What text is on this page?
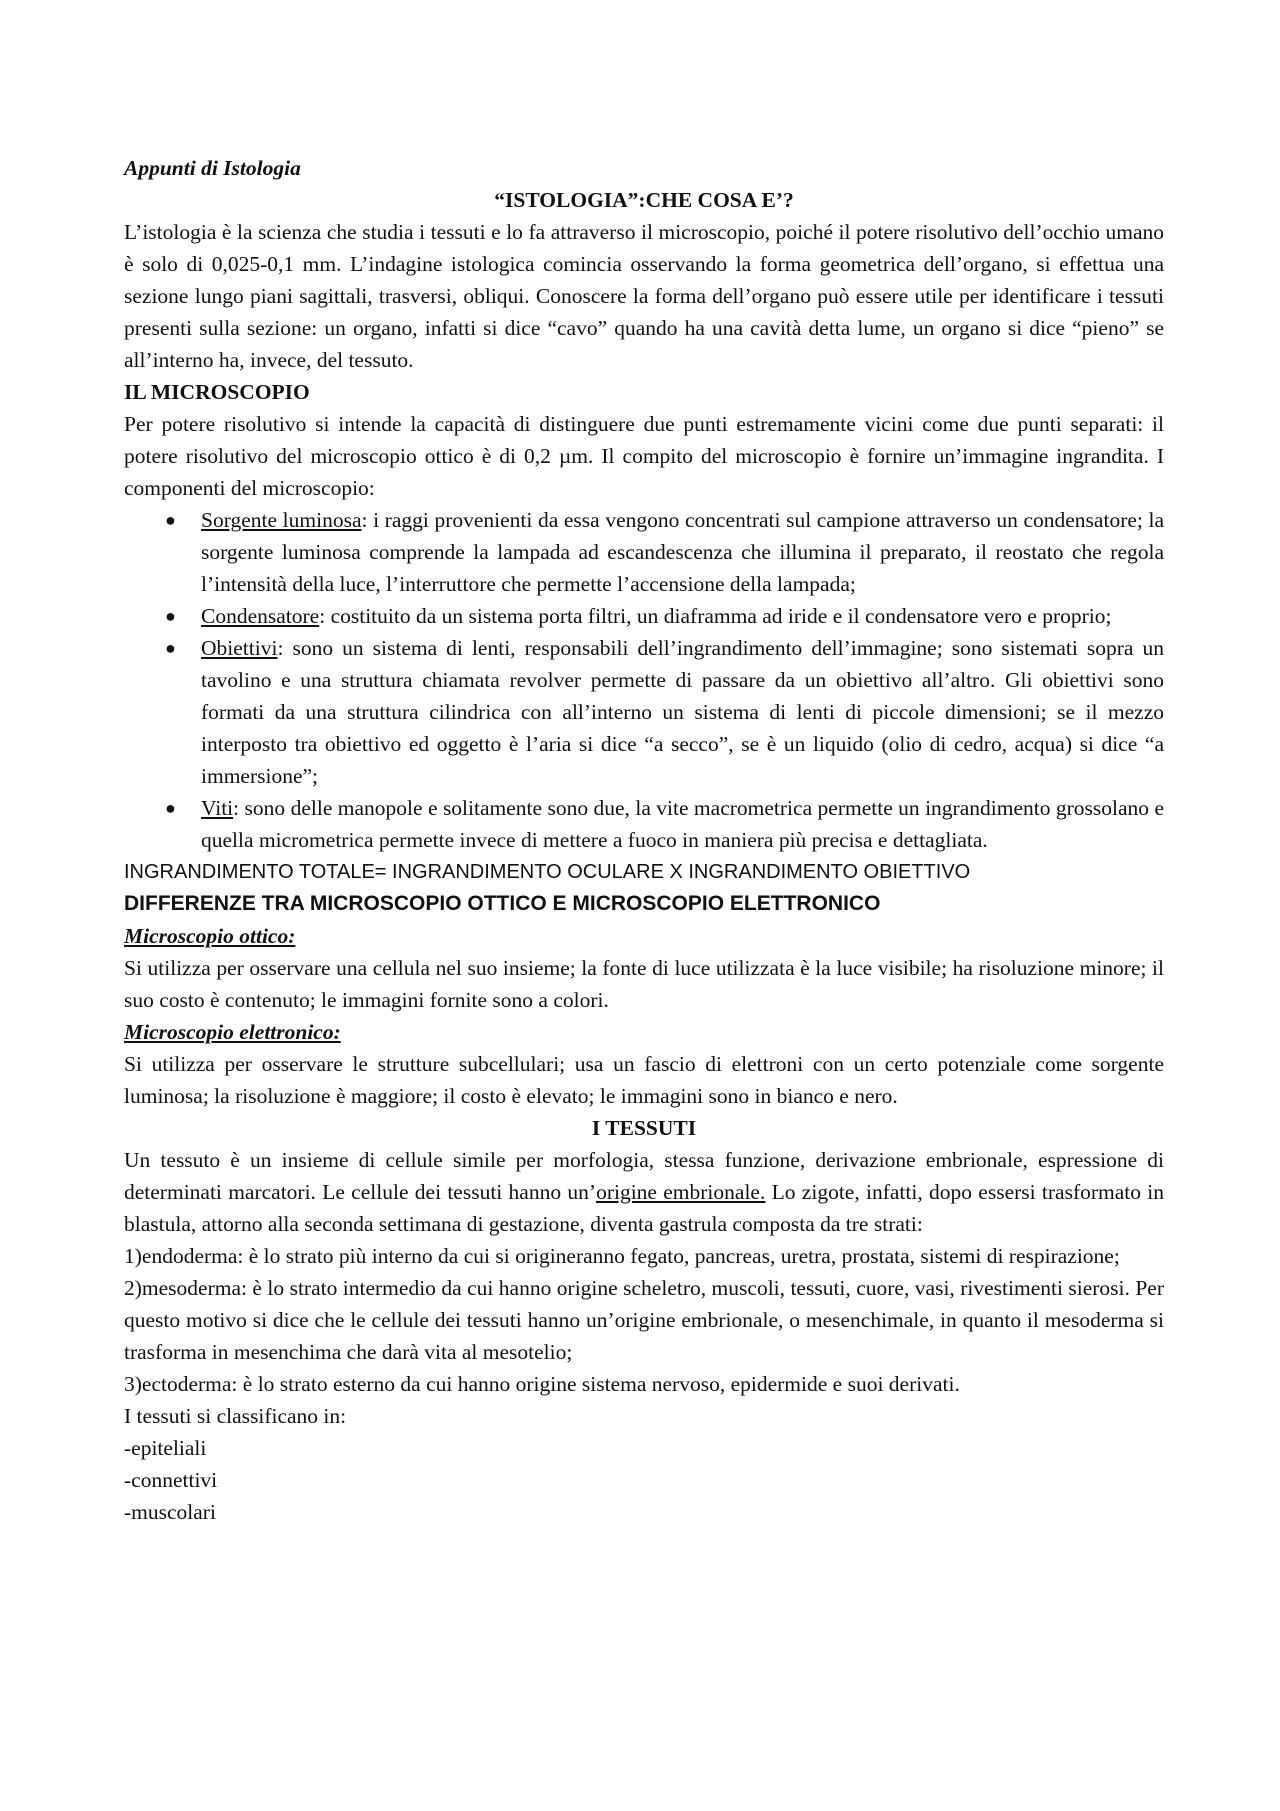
Appunti di Istologia

“ISTOLOGIA”:CHE COSA E’?

L’istologia è la scienza che studia i tessuti e lo fa attraverso il microscopio, poiché il potere risolutivo dell’occhio umano è solo di 0,025-0,1 mm. L’indagine istologica comincia osservando la forma geometrica dell’organo, si effettua una sezione lungo piani sagittali, trasversi, obliqui. Conoscere la forma dell’organo può essere utile per identificare i tessuti presenti sulla sezione: un organo, infatti si dice “cavo” quando ha una cavità detta lume, un organo si dice “pieno” se all’interno ha, invece, del tessuto.

IL MICROSCOPIO

Per potere risolutivo si intende la capacità di distinguere due punti estremamente vicini come due punti separati: il potere risolutivo del microscopio ottico è di 0,2 µm. Il compito del microscopio è fornire un’immagine ingrandita. I componenti del microscopio:

● Sorgente luminosa: i raggi provenienti da essa vengono concentrati sul campione attraverso un condensatore; la sorgente luminosa comprende la lampada ad escandescenza che illumina il preparato, il reostato che regola l’intensità della luce, l’interruttore che permette l’accensione della lampada;
● Condensatore: costituito da un sistema porta filtri, un diaframma ad iride e il condensatore vero e proprio;
● Obiettivi: sono un sistema di lenti, responsabili dell’ingrandimento dell’immagine; sono sistemati sopra un tavolino e una struttura chiamata revolver permette di passare da un obiettivo all’altro. Gli obiettivi sono formati da una struttura cilindrica con all’interno un sistema di lenti di piccole dimensioni; se il mezzo interposto tra obiettivo ed oggetto è l’aria si dice “a secco”, se è un liquido (olio di cedro, acqua) si dice “a immersione”;
● Viti: sono delle manopole e solitamente sono due, la vite macrometrica permette un ingrandimento grossolano e quella micrometrica permette invece di mettere a fuoco in maniera più precisa e dettagliata.

INGRANDIMENTO TOTALE= INGRANDIMENTO OCULARE X INGRANDIMENTO OBIETTIVO

DIFFERENZE TRA MICROSCOPIO OTTICO E MICROSCOPIO ELETTRONICO

Microscopio ottico:

Si utilizza per osservare una cellula nel suo insieme; la fonte di luce utilizzata è la luce visibile; ha risoluzione minore; il suo costo è contenuto; le immagini fornite sono a colori.

Microscopio elettronico:

Si utilizza per osservare le strutture subcellulari; usa un fascio di elettroni con un certo potenziale come sorgente luminosa; la risoluzione è maggiore; il costo è elevato; le immagini sono in bianco e nero.

I TESSUTI

Un tessuto è un insieme di cellule simile per morfologia, stessa funzione, derivazione embrionale, espressione di determinati marcatori. Le cellule dei tessuti hanno un’origine embrionale. Lo zigote, infatti, dopo essersi trasformato in blastula, attorno alla seconda settimana di gestazione, diventa gastrula composta da tre strati:

1)endoderma: è lo strato più interno da cui si origineranno fegato, pancreas, uretra, prostata, sistemi di respirazione;

2)mesoderma: è lo strato intermedio da cui hanno origine scheletro, muscoli, tessuti, cuore, vasi, rivestimenti sierosi. Per questo motivo si dice che le cellule dei tessuti hanno un’origine embrionale, o mesenchimale, in quanto il mesoderma si trasforma in mesenchima che darà vita al mesotelio;

3)ectoderma: è lo strato esterno da cui hanno origine sistema nervoso, epidermide e suoi derivati.

I tessuti si classificano in:

-epiteliali

-connettivi

-muscolari
